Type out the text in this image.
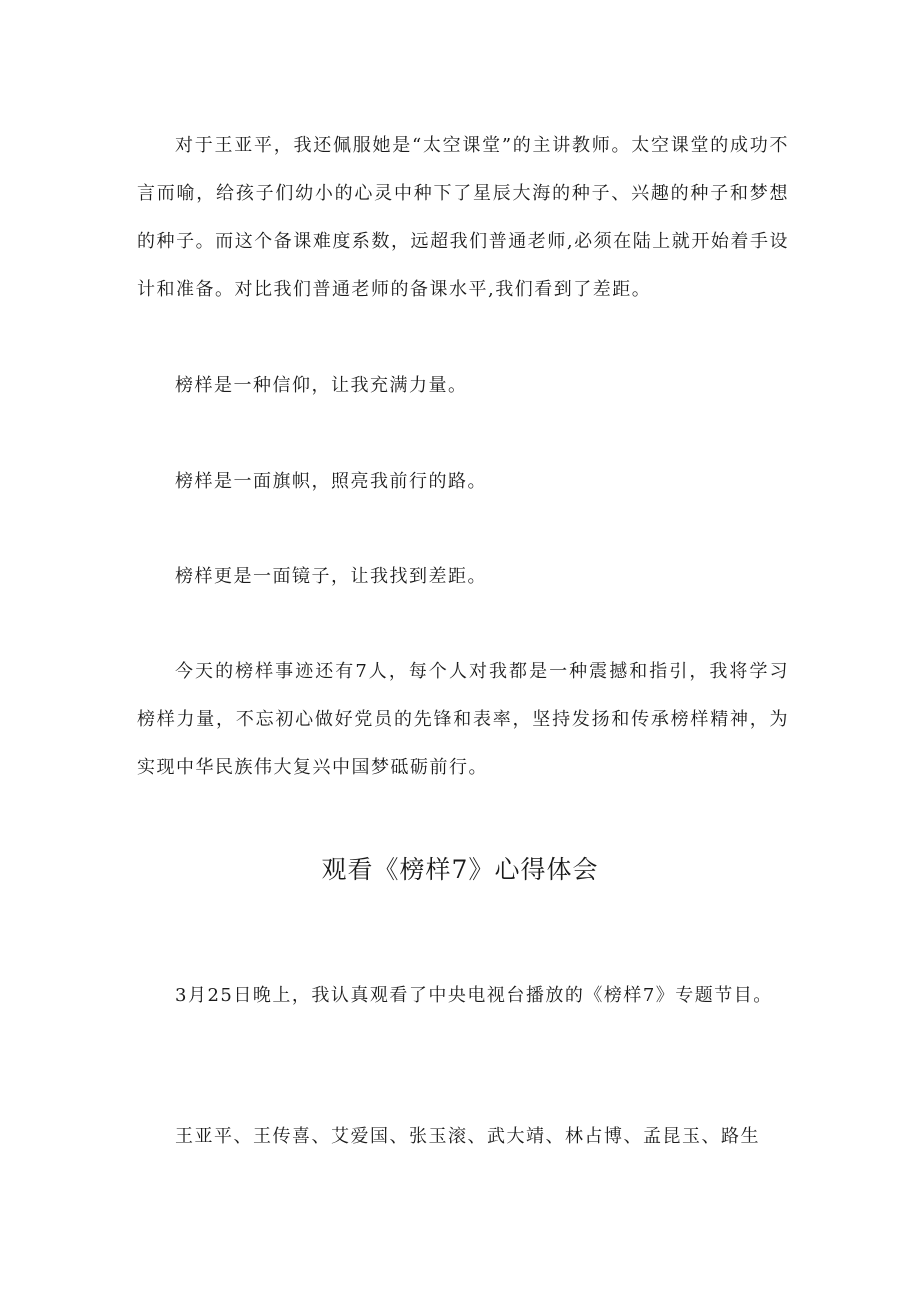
对于王亚平，我还佩服她是“太空课堂”的主讲教师。太空课堂的成功不言而喻，给孩子们幼小的心灵中种下了星辰大海的种子、兴趣的种子和梦想的种子。而这个备课难度系数，远超我们普通老师,必须在陆上就开始着手设计和准备。对比我们普通老师的备课水平,我们看到了差距。

榜样是一种信仰，让我充满力量。

榜样是一面旗帜，照亮我前行的路。

榜样更是一面镜子，让我找到差距。

今天的榜样事迹还有7人，每个人对我都是一种震撼和指引，我将学习榜样力量，不忘初心做好党员的先锋和表率，坚持发扬和传承榜样精神，为实现中华民族伟大复兴中国梦砥砺前行。

观看《榜样7》心得体会

3月25日晚上，我认真观看了中央电视台播放的《榜样7》专题节目。

王亚平、王传喜、艾爱国、张玉滚、武大靖、林占博、孟昆玉、路生
